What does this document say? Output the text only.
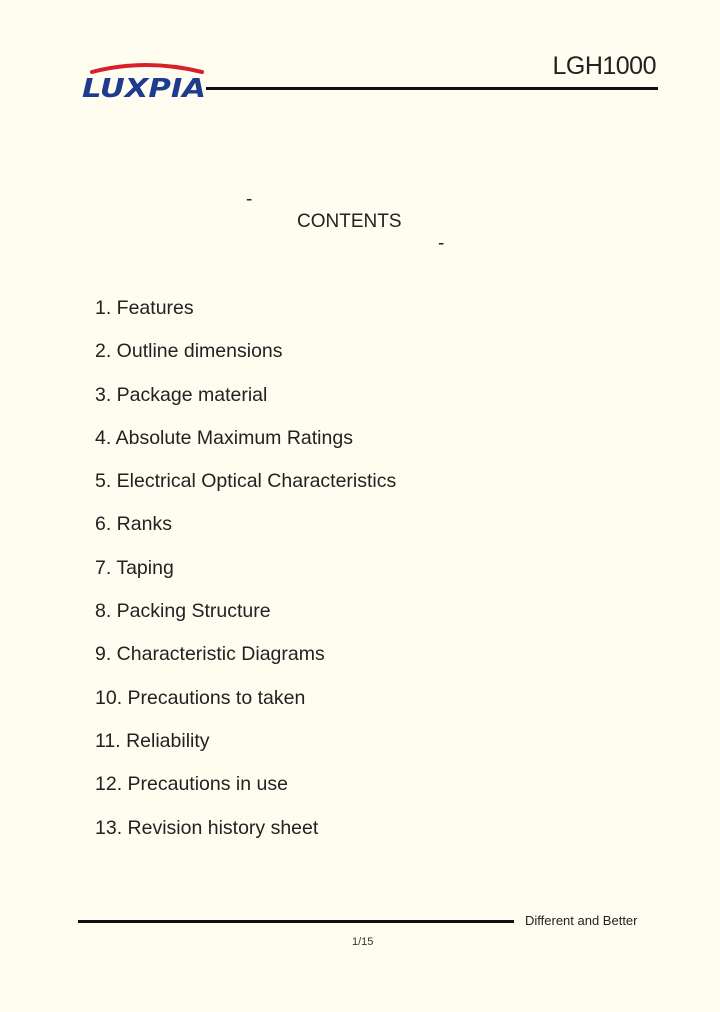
LUXPIA
LGH1000

-

CONTENTS

-

1. Features
2. Outline dimensions
3. Package material
4. Absolute Maximum Ratings
5. Electrical Optical Characteristics
6. Ranks
7. Taping
8. Packing Structure
9. Characteristic Diagrams
10. Precautions to taken
11. Reliability
12. Precautions in use
13. Revision history sheet
Different and Better
1/15
